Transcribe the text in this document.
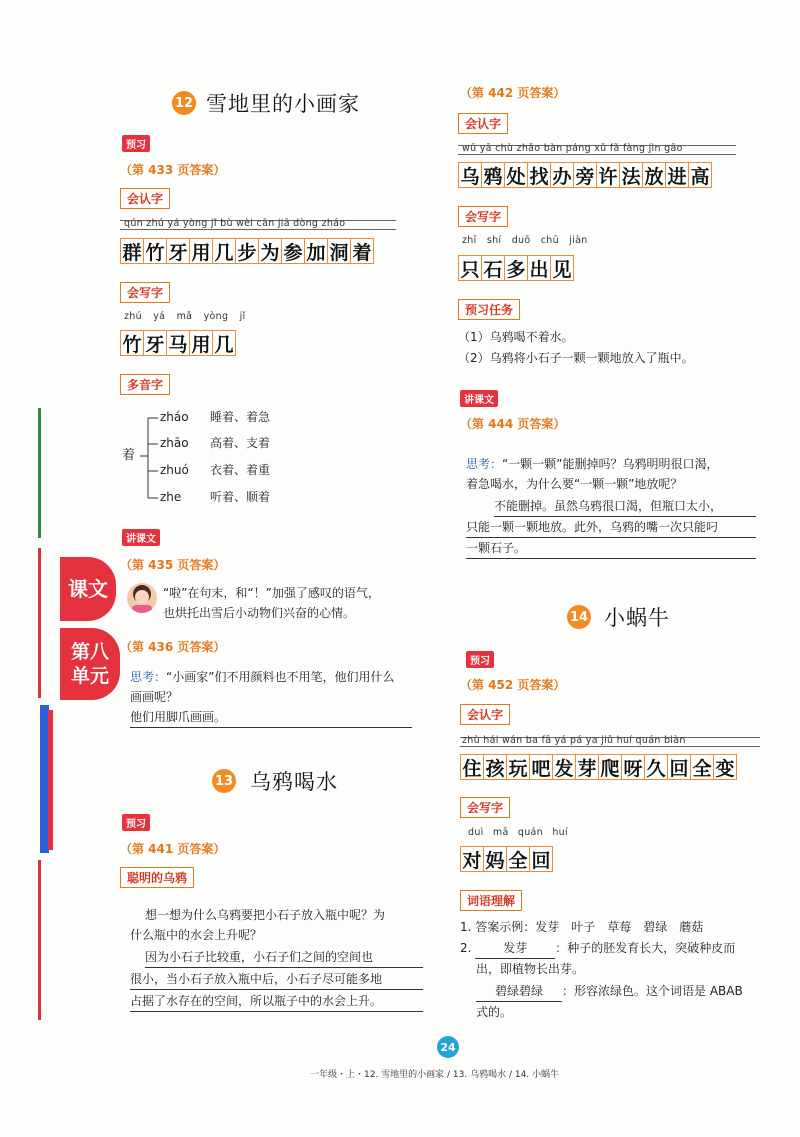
课文
第八单元
12 雪地里的小画家
预习
（第 433 页答案）
会认字
qún zhú yá yòng jǐ bù wèi cān jiā dòng zháo
群 竹 牙 用 几 步 为 参 加 洞 着
会写字
zhú yá mǎ yòng jǐ
竹 牙 马 用 几
多音字
着
zháo 睡着、着急
zhāo 高着、支着
zhuó 衣着、着重
zhe 听着、顺着
讲课文
（第 435 页答案）
“啦”在句末，和“！”加强了感叹的语气，
也烘托出雪后小动物们兴奋的心情。
（第 436 页答案）
思考：“小画家”们不用颜料也不用笔，他们用什么
画画呢？
他们用脚爪画画。
13 乌鸦喝水
预习
（第 441 页答案）
聪明的乌鸦
想一想为什么乌鸦要把小石子放入瓶中呢？为
什么瓶中的水会上升呢？
因为小石子比较重，小石子们之间的空间也
很小，当小石子放入瓶中后，小石子尽可能多地
占据了水存在的空间，所以瓶子中的水会上升。
（第 442 页答案）
会认字
wū yā chù zhǎo bàn páng xǔ fǎ fàng jìn gāo
乌 鸦 处 找 办 旁 许 法 放 进 高
会写字
zhī shí duō chū jiàn
只 石 多 出 见
预习任务
（1）乌鸦喝不着水。
（2）乌鸦将小石子一颗一颗地放入了瓶中。
讲课文
（第 444 页答案）
思考：“一颗一颗”能删掉吗？乌鸦明明很口渴，
着急喝水，为什么要“一颗一颗”地放呢？
不能删掉。虽然乌鸦很口渴，但瓶口太小，
只能一颗一颗地放。此外，乌鸦的嘴一次只能叼
一颗石子。
14 小蜗牛
预习
（第 452 页答案）
会认字
zhù hái wán ba fā yá pá ya jiǔ huí quán biàn
住 孩 玩 吧 发 芽 爬 呀 久 回 全 变
会写字
duì mā quán huí
对 妈 全 回
词语理解
1. 答案示例：发芽　叶子　草莓　碧绿　蘑菇
2.	发芽 ：种子的胚发育长大，突破种皮而
出，即植物长出芽。
碧绿碧绿 ：形容浓绿色。这个词语是 ABAB
式的。
24
一年级・上・12. 雪地里的小画家 / 13. 乌鸦喝水 / 14. 小蜗牛
